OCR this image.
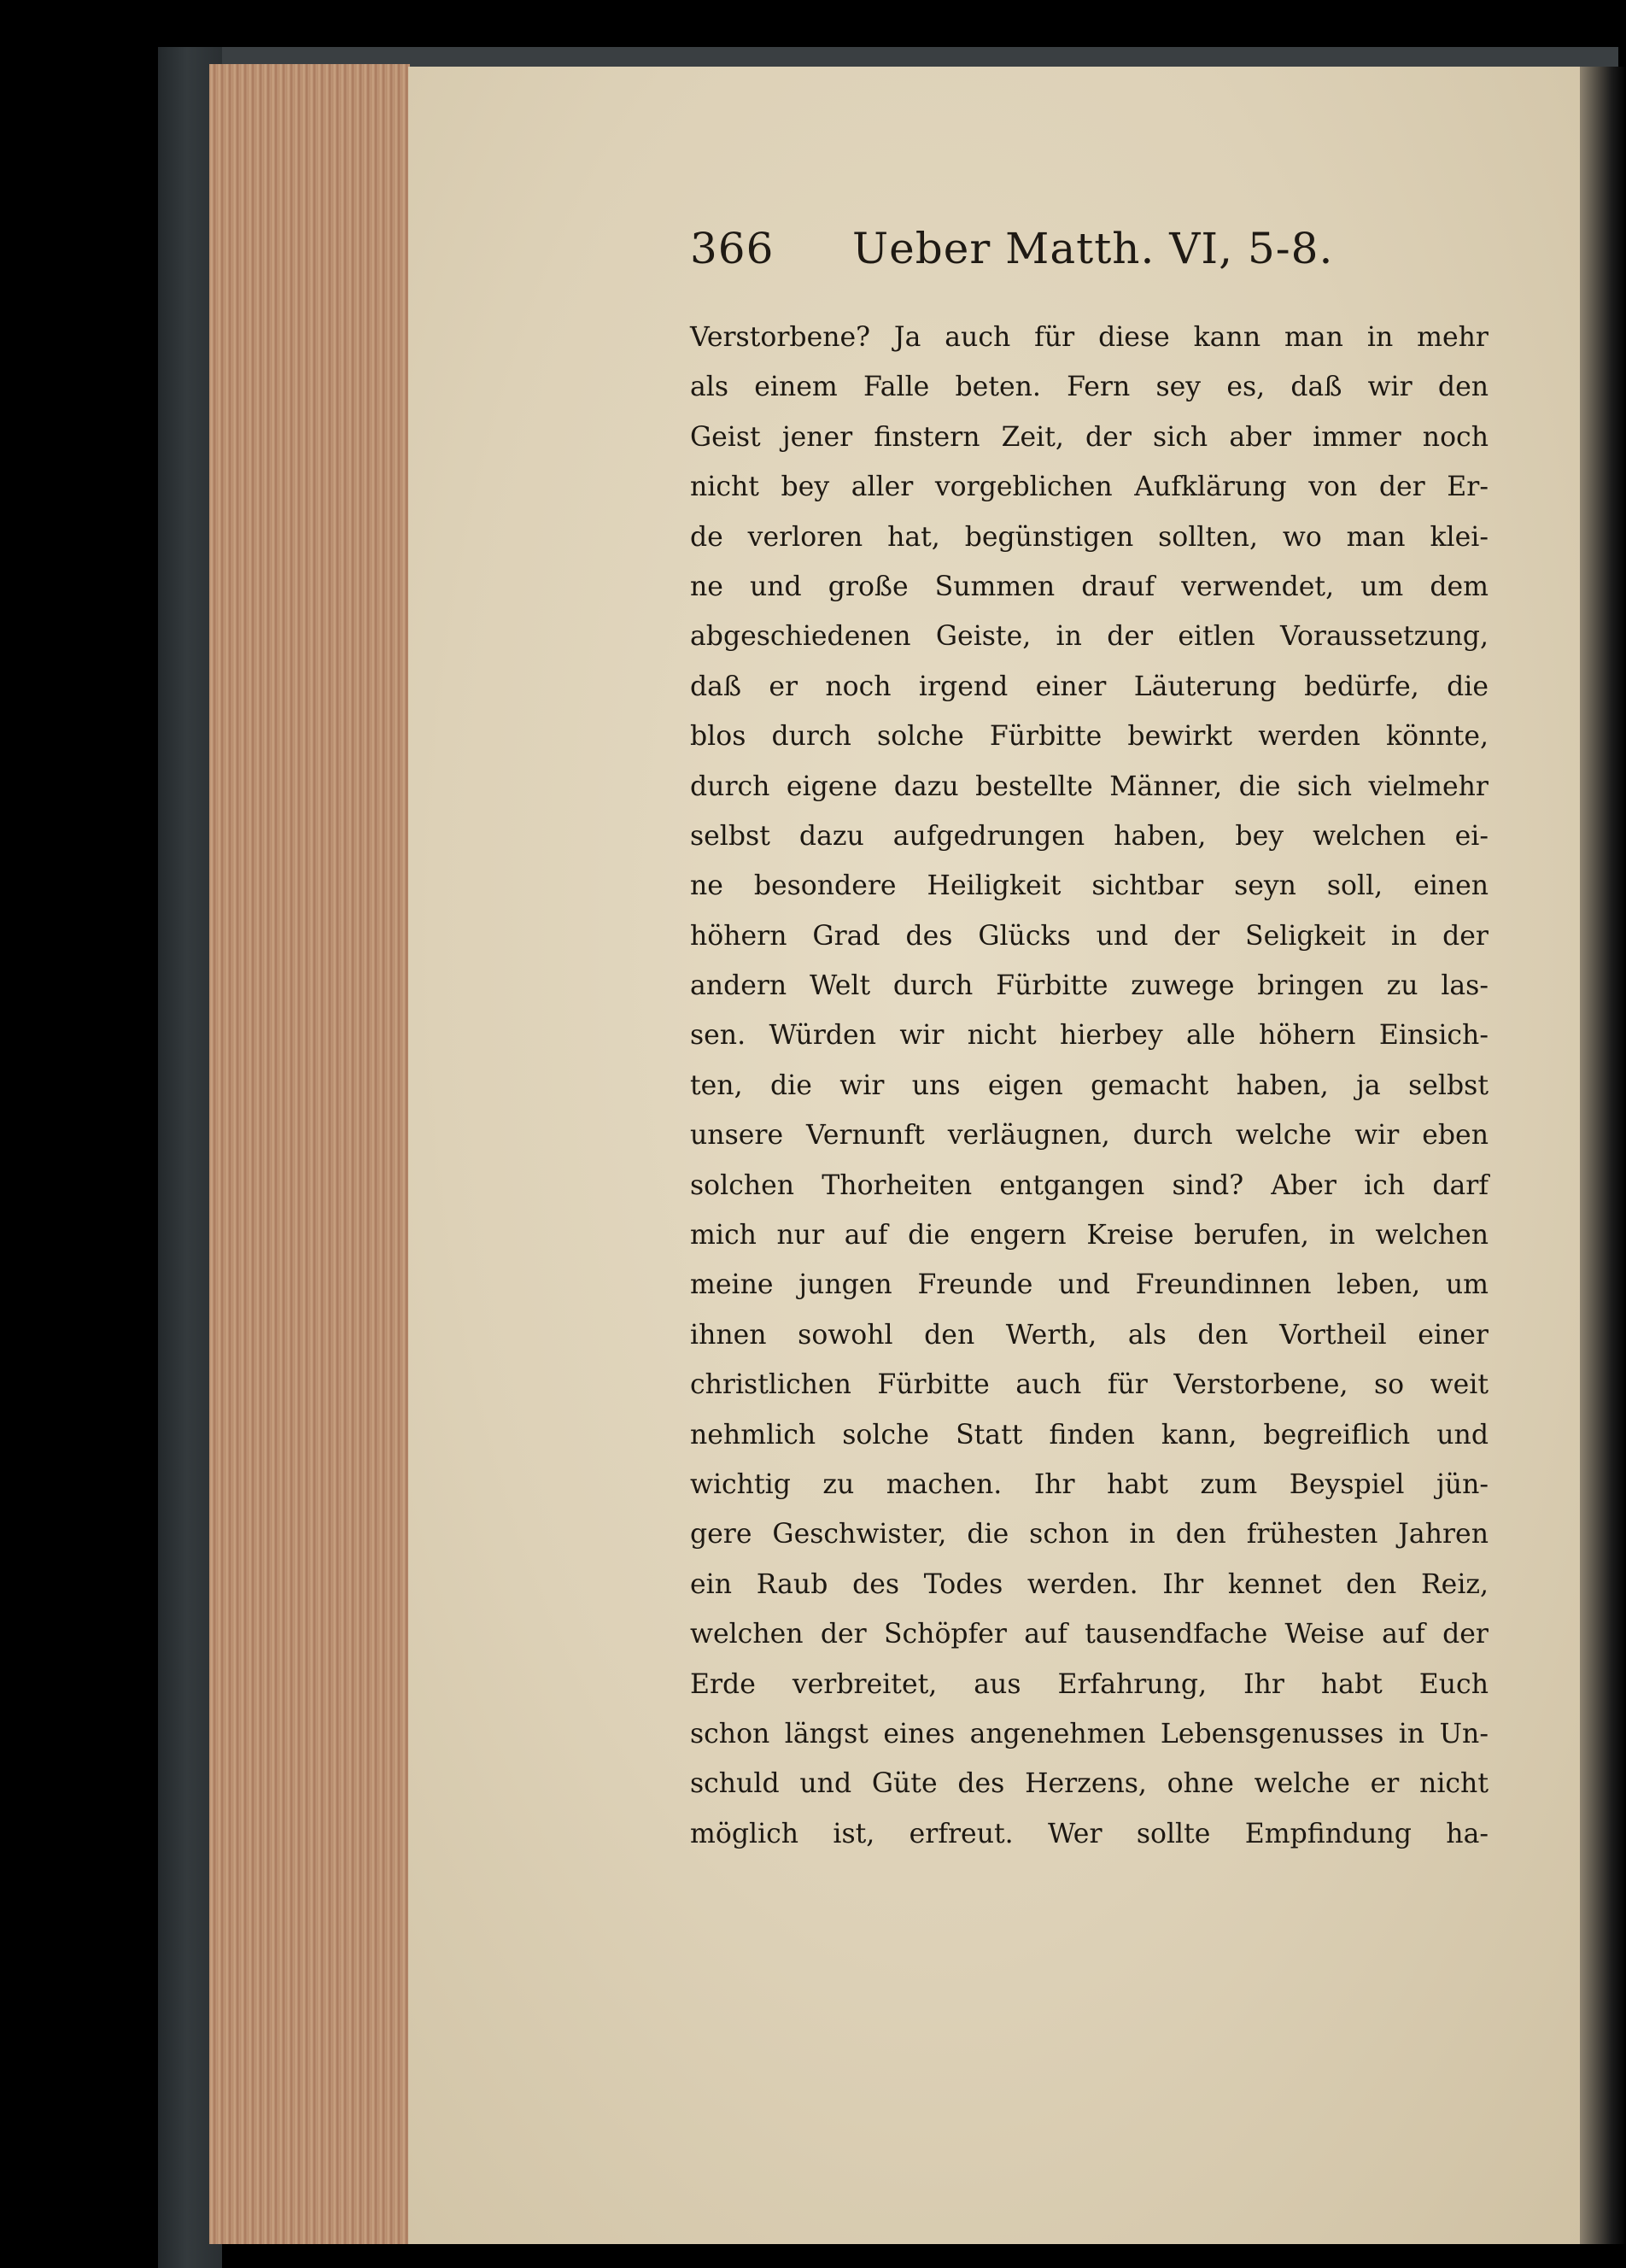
366 Ueber Matth. VI, 5-8.
Verstorbene? Ja auch für diese kann man in mehr
als einem Falle beten. Fern sey es, daß wir den
Geist jener finstern Zeit, der sich aber immer noch
nicht bey aller vorgeblichen Aufklärung von der Er-
de verloren hat, begünstigen sollten, wo man klei-
ne und große Summen drauf verwendet, um dem
abgeschiedenen Geiste, in der eitlen Voraussetzung,
daß er noch irgend einer Läuterung bedürfe, die
blos durch solche Fürbitte bewirkt werden könnte,
durch eigene dazu bestellte Männer, die sich vielmehr
selbst dazu aufgedrungen haben, bey welchen ei-
ne besondere Heiligkeit sichtbar seyn soll, einen
höhern Grad des Glücks und der Seligkeit in der
andern Welt durch Fürbitte zuwege bringen zu las-
sen. Würden wir nicht hierbey alle höhern Einsich-
ten, die wir uns eigen gemacht haben, ja selbst
unsere Vernunft verläugnen, durch welche wir eben
solchen Thorheiten entgangen sind? Aber ich darf
mich nur auf die engern Kreise berufen, in welchen
meine jungen Freunde und Freundinnen leben, um
ihnen sowohl den Werth, als den Vortheil einer
christlichen Fürbitte auch für Verstorbene, so weit
nehmlich solche Statt finden kann, begreiflich und
wichtig zu machen. Ihr habt zum Beyspiel jün-
gere Geschwister, die schon in den frühesten Jahren
ein Raub des Todes werden. Ihr kennet den Reiz,
welchen der Schöpfer auf tausendfache Weise auf der
Erde verbreitet, aus Erfahrung, Ihr habt Euch
schon längst eines angenehmen Lebensgenusses in Un-
schuld und Güte des Herzens, ohne welche er nicht
möglich ist, erfreut. Wer sollte Empfindung ha-
